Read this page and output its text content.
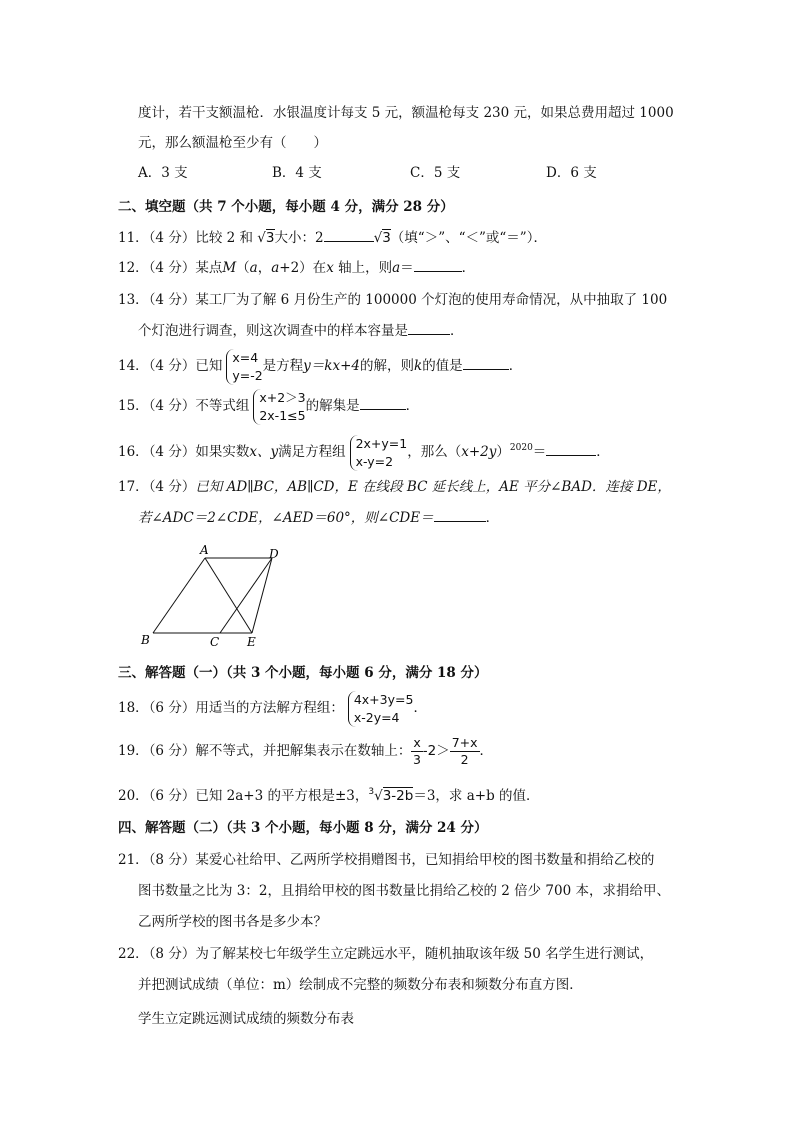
度计，若干支额温枪．水银温度计每支 5 元，额温枪每支 230 元，如果总费用超过 1000
元，那么额温枪至少有（　　）
A．3 支	B．4 支	C．5 支	D．6 支
二、填空题（共 7 个小题，每小题 4 分，满分 28 分）
11．（4 分）比较 2 和 √3大小：2	√3（填“＞”、“＜”或“＝”）．
12．（4 分）某点M（a，a+2）在x 轴上，则a＝	．
13．（4 分）某工厂为了解 6 月份生产的 100000 个灯泡的使用寿命情况，从中抽取了 100
个灯泡进行调查，则这次调查中的样本容量是	．
14．（4 分）已知
x=4
y=-2
是方程y＝kx+4的解，则k的值是	．
15．（4 分）不等式组
x+2＞3
2x-1≤5
的解集是	．
16．（4 分）如果实数x、y满足方程组
2x+y=1
x-y=2
，那么$(x+2y)^{2020}=$	．
17．（4 分）已知 AD∥BC，AB∥CD，E 在线段 BC 延长线上，AE 平分∠BAD．连接 DE，
若∠ADC＝2∠CDE，∠AED＝60°，则∠CDE＝	．
A	D
B	C E
三、解答题（一）（共 3 个小题，每小题 6 分，满分 18 分）
18．（6 分）用适当的方法解方程组：
4x+3y=5
x-2y=4
．
19．（6 分）解不等式，并把解集表示在数轴上： $\frac{x}{3} -2> \frac{7+x}{2}$ ．
20．（6 分）已知 2a+3 的平方根是±3，$^3$√3-2b＝3，求 a+b 的值．
四、解答题（二）（共 3 个小题，每小题 8 分，满分 24 分）
21．（8 分）某爱心社给甲、乙两所学校捐赠图书，已知捐给甲校的图书数量和捐给乙校的
图书数量之比为 3：2，且捐给甲校的图书数量比捐给乙校的 2 倍少 700 本，求捐给甲、
乙两所学校的图书各是多少本？
22．（8 分）为了解某校七年级学生立定跳远水平，随机抽取该年级 50 名学生进行测试，
并把测试成绩（单位：m）绘制成不完整的频数分布表和频数分布直方图．
学生立定跳远测试成绩的频数分布表
